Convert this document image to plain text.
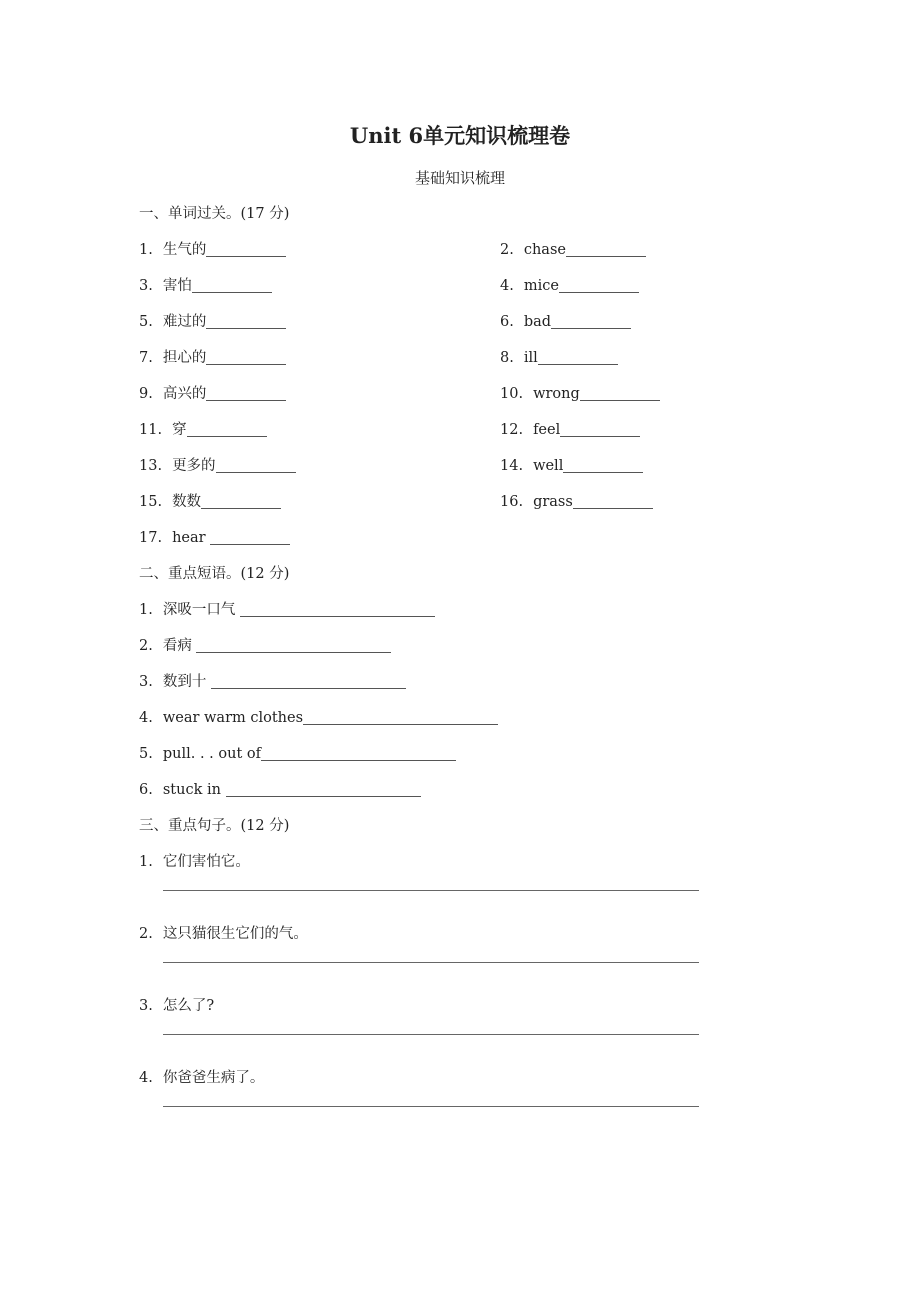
Unit 6单元知识梳理卷
基础知识梳理
一、单词过关。(17 分)
1. 生气的	2. chase
3. 害怕	4. mice
5. 难过的	6. bad
7. 担心的	8. ill
9. 高兴的	10. wrong
11. 穿	12. feel
13. 更多的	14. well
15. 数数	16. grass
17. hear
二、重点短语。(12 分)
1. 深吸一口气
2. 看病
3. 数到十
4. wear warm clothes
5. pull. . . out of
6. stuck in
三、重点句子。(12 分)
1. 它们害怕它。
2. 这只猫很生它们的气。
3. 怎么了?
4. 你爸爸生病了。
